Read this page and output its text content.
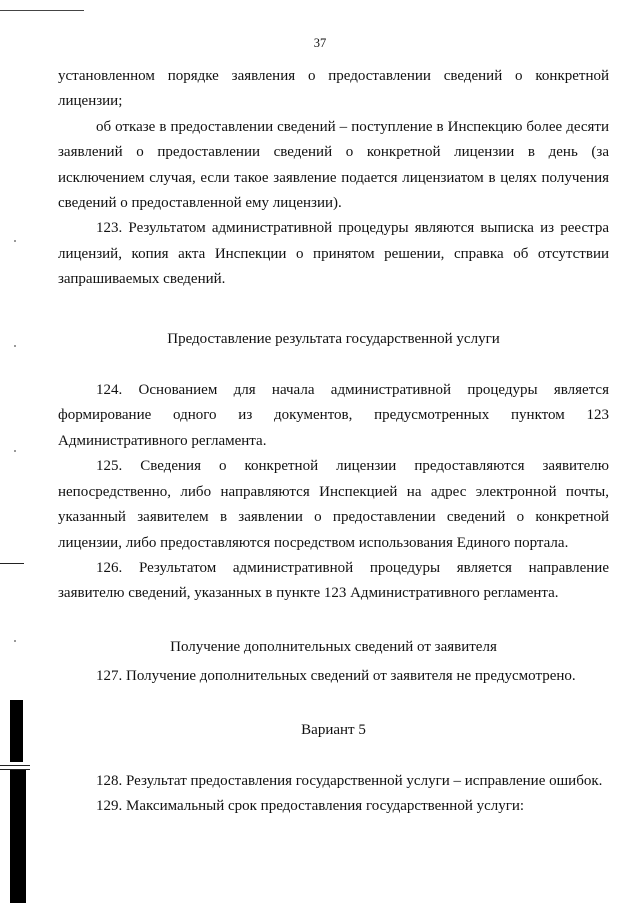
37

установленном порядке заявления о предоставлении сведений о конкретной лицензии;

об отказе в предоставлении сведений – поступление в Инспекцию более десяти заявлений о предоставлении сведений о конкретной лицензии в день (за исключением случая, если такое заявление подается лицензиатом в целях получения сведений о предоставленной ему лицензии).

123. Результатом административной процедуры являются выписка из реестра лицензий, копия акта Инспекции о принятом решении, справка об отсутствии запрашиваемых сведений.

Предоставление результата государственной услуги

124. Основанием для начала административной процедуры является формирование одного из документов, предусмотренных пунктом 123 Административного регламента.

125. Сведения о конкретной лицензии предоставляются заявителю непосредственно, либо направляются Инспекцией на адрес электронной почты, указанный заявителем в заявлении о предоставлении сведений о конкретной лицензии, либо предоставляются посредством использования Единого портала.

126. Результатом административной процедуры является направление заявителю сведений, указанных в пункте 123 Административного регламента.

Получение дополнительных сведений от заявителя

127. Получение дополнительных сведений от заявителя не предусмотрено.

Вариант 5

128. Результат предоставления государственной услуги – исправление ошибок.

129. Максимальный срок предоставления государственной услуги:
